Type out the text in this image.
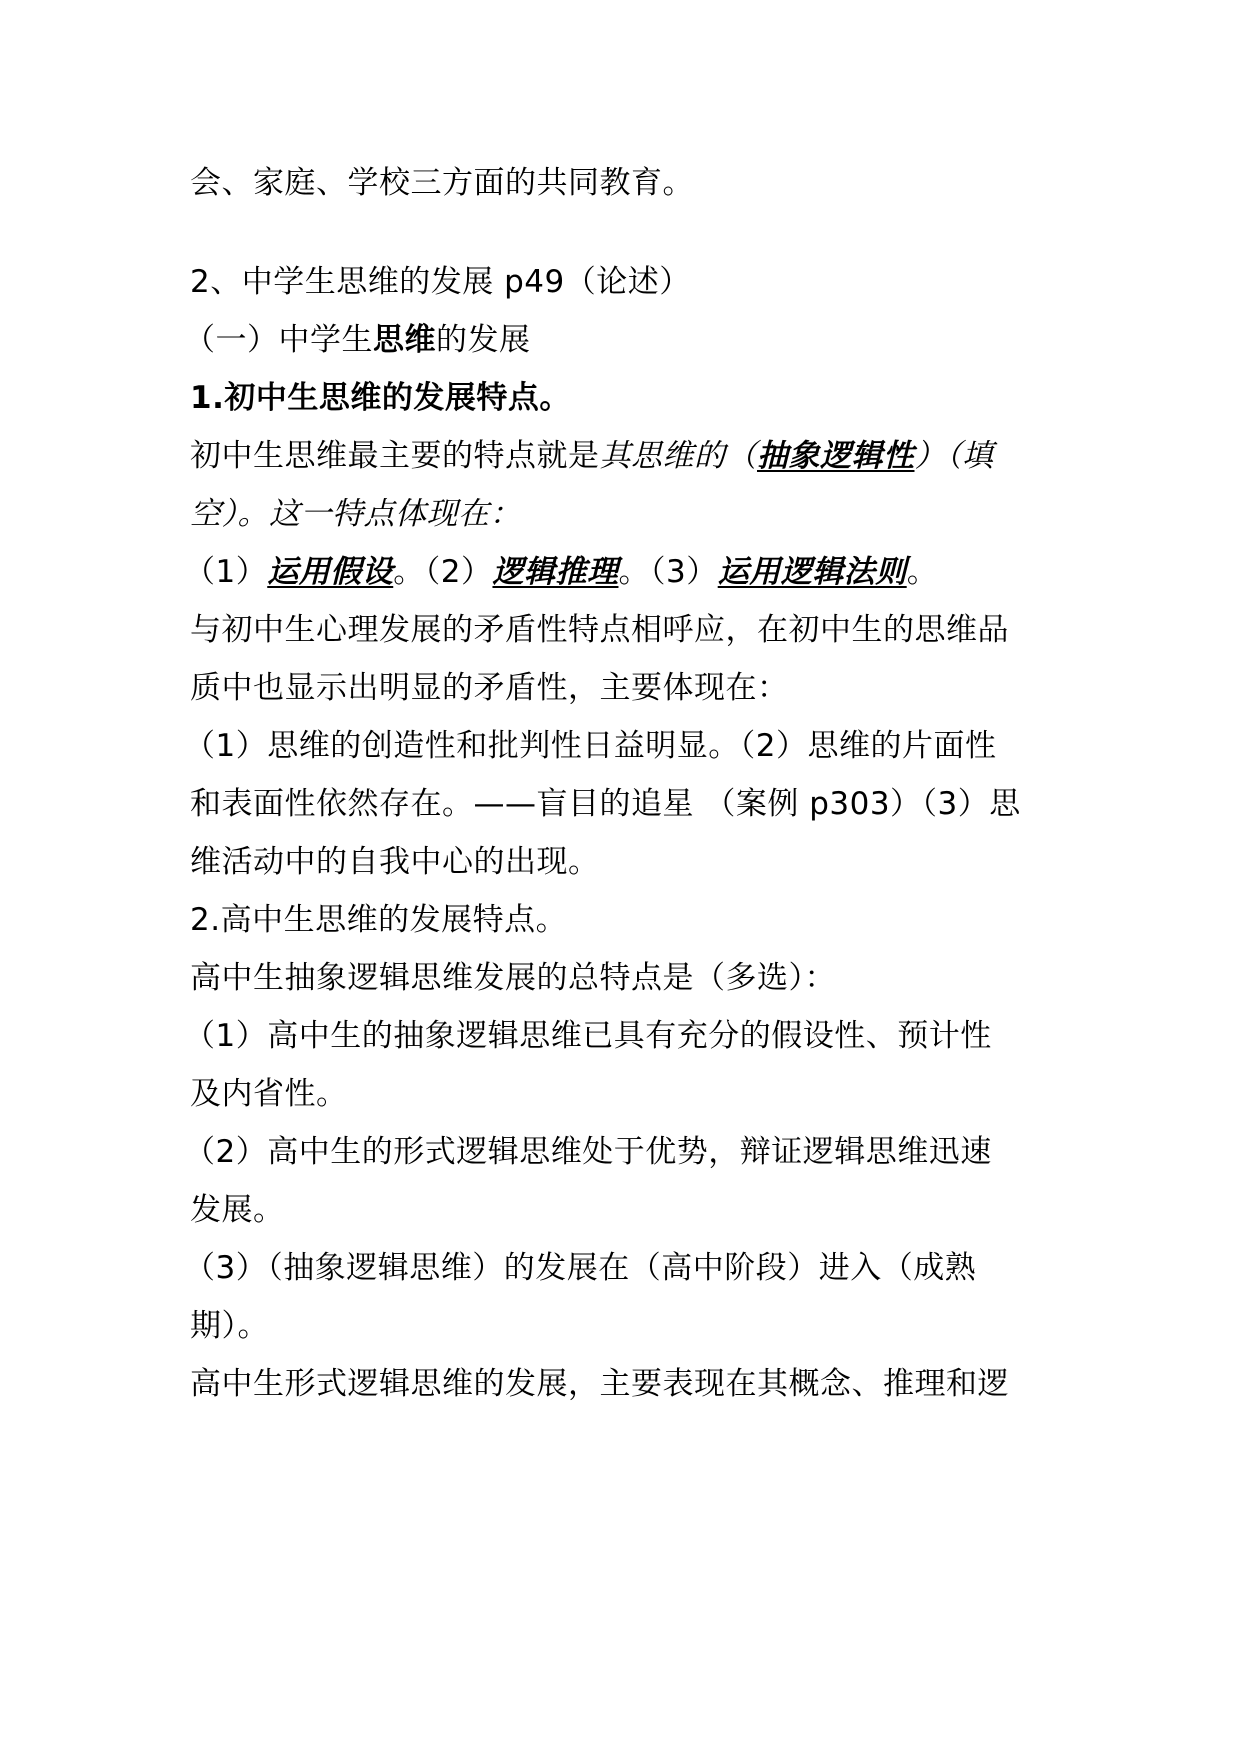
会、家庭、学校三方面的共同教育。
2、中学生思维的发展 p49（论述）
（一）中学生思维的发展
1.初中生思维的发展特点。
初中生思维最主要的特点就是其思维的（抽象逻辑性）（填
空）。这一特点体现在：
（1）运用假设。（2）逻辑推理。（3）运用逻辑法则。
与初中生心理发展的矛盾性特点相呼应，在初中生的思维品
质中也显示出明显的矛盾性，主要体现在：
（1）思维的创造性和批判性日益明显。（2）思维的片面性
和表面性依然存在。——盲目的追星 （案例 p303）（3）思
维活动中的自我中心的出现。
2.高中生思维的发展特点。
高中生抽象逻辑思维发展的总特点是（多选）：
（1）高中生的抽象逻辑思维已具有充分的假设性、预计性
及内省性。
（2）高中生的形式逻辑思维处于优势，辩证逻辑思维迅速
发展。
（3）（抽象逻辑思维）的发展在（高中阶段）进入（成熟
期）。
高中生形式逻辑思维的发展，主要表现在其概念、推理和逻
